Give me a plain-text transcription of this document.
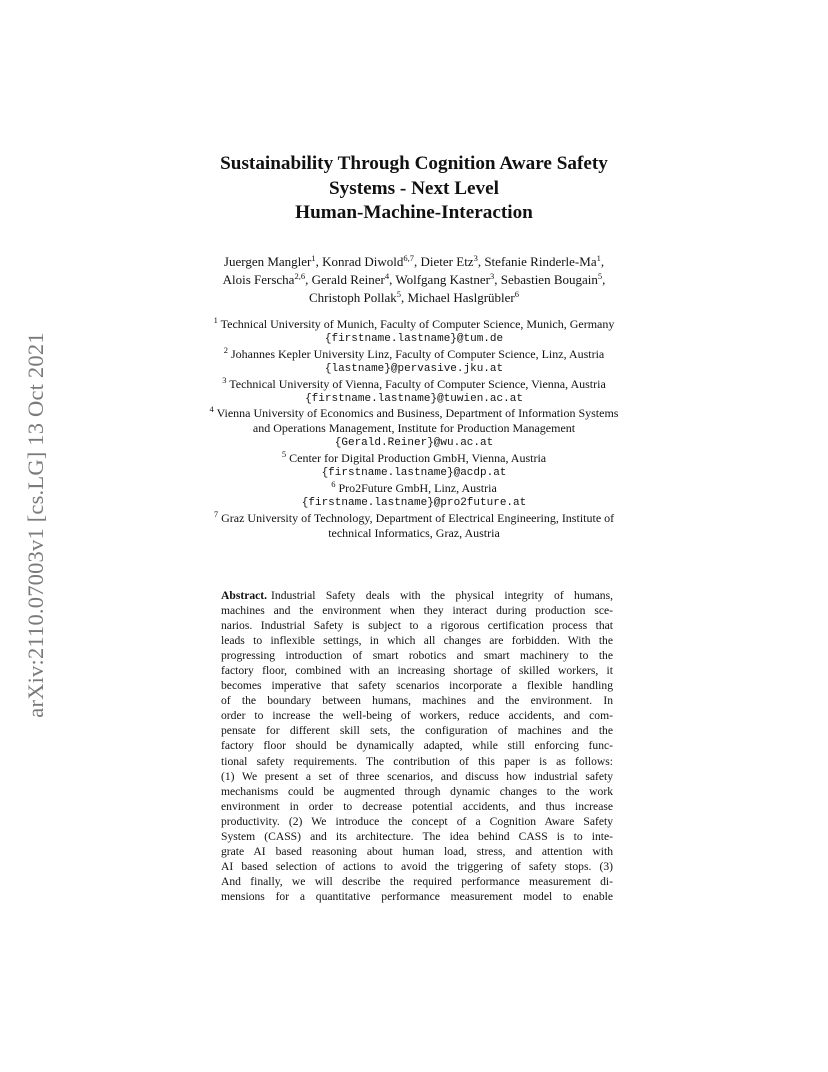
arXiv:2110.07003v1 [cs.LG] 13 Oct 2021
Sustainability Through Cognition Aware Safety
Systems - Next Level
Human-Machine-Interaction
Juergen Mangler$^1$, Konrad Diwold$^{6,7}$, Dieter Etz$^3$, Stefanie Rinderle-Ma$^1$,
Alois Ferscha$^{2,6}$, Gerald Reiner$^4$, Wolfgang Kastner$^3$, Sebastien Bougain$^5$,
Christoph Pollak$^5$, Michael Haslgrübler$^6$
$^1$ Technical University of Munich, Faculty of Computer Science, Munich, Germany
{firstname.lastname}@tum.de
$^2$ Johannes Kepler University Linz, Faculty of Computer Science, Linz, Austria
{lastname}@pervasive.jku.at
$^3$ Technical University of Vienna, Faculty of Computer Science, Vienna, Austria
{firstname.lastname}@tuwien.ac.at
$^4$ Vienna University of Economics and Business, Department of Information Systems
and Operations Management, Institute for Production Management
{Gerald.Reiner}@wu.ac.at
$^5$ Center for Digital Production GmbH, Vienna, Austria
{firstname.lastname}@acdp.at
$^6$ Pro2Future GmbH, Linz, Austria
{firstname.lastname}@pro2future.at
$^7$ Graz University of Technology, Department of Electrical Engineering, Institute of
technical Informatics, Graz, Austria
Abstract. Industrial Safety deals with the physical integrity of humans,
machines and the environment when they interact during production sce-
narios. Industrial Safety is subject to a rigorous certification process that
leads to inflexible settings, in which all changes are forbidden. With the
progressing introduction of smart robotics and smart machinery to the
factory floor, combined with an increasing shortage of skilled workers, it
becomes imperative that safety scenarios incorporate a flexible handling
of the boundary between humans, machines and the environment. In
order to increase the well-being of workers, reduce accidents, and com-
pensate for different skill sets, the configuration of machines and the
factory floor should be dynamically adapted, while still enforcing func-
tional safety requirements. The contribution of this paper is as follows:
(1) We present a set of three scenarios, and discuss how industrial safety
mechanisms could be augmented through dynamic changes to the work
environment in order to decrease potential accidents, and thus increase
productivity. (2) We introduce the concept of a Cognition Aware Safety
System (CASS) and its architecture. The idea behind CASS is to inte-
grate AI based reasoning about human load, stress, and attention with
AI based selection of actions to avoid the triggering of safety stops. (3)
And finally, we will describe the required performance measurement di-
mensions for a quantitative performance measurement model to enable
